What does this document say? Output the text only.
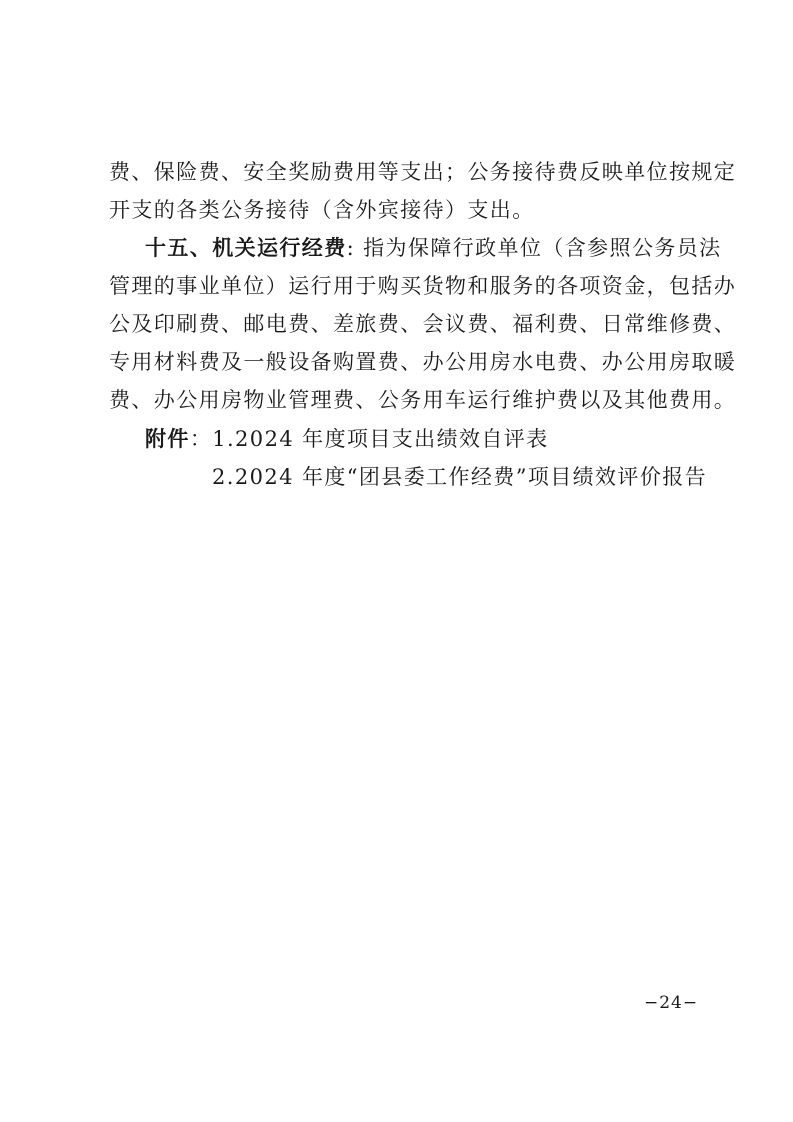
费、保险费、安全奖励费用等支出；公务接待费反映单位按规定
开支的各类公务接待（含外宾接待）支出。
十五、机关运行经费: 指为保障行政单位（含参照公务员法
管理的事业单位）运行用于购买货物和服务的各项资金，包括办
公及印刷费、邮电费、差旅费、会议费、福利费、日常维修费、
专用材料费及一般设备购置费、办公用房水电费、办公用房取暖
费、办公用房物业管理费、公务用车运行维护费以及其他费用。
附件：1.2024 年度项目支出绩效自评表
2.2024 年度“团县委工作经费”项目绩效评价报告
−24−
